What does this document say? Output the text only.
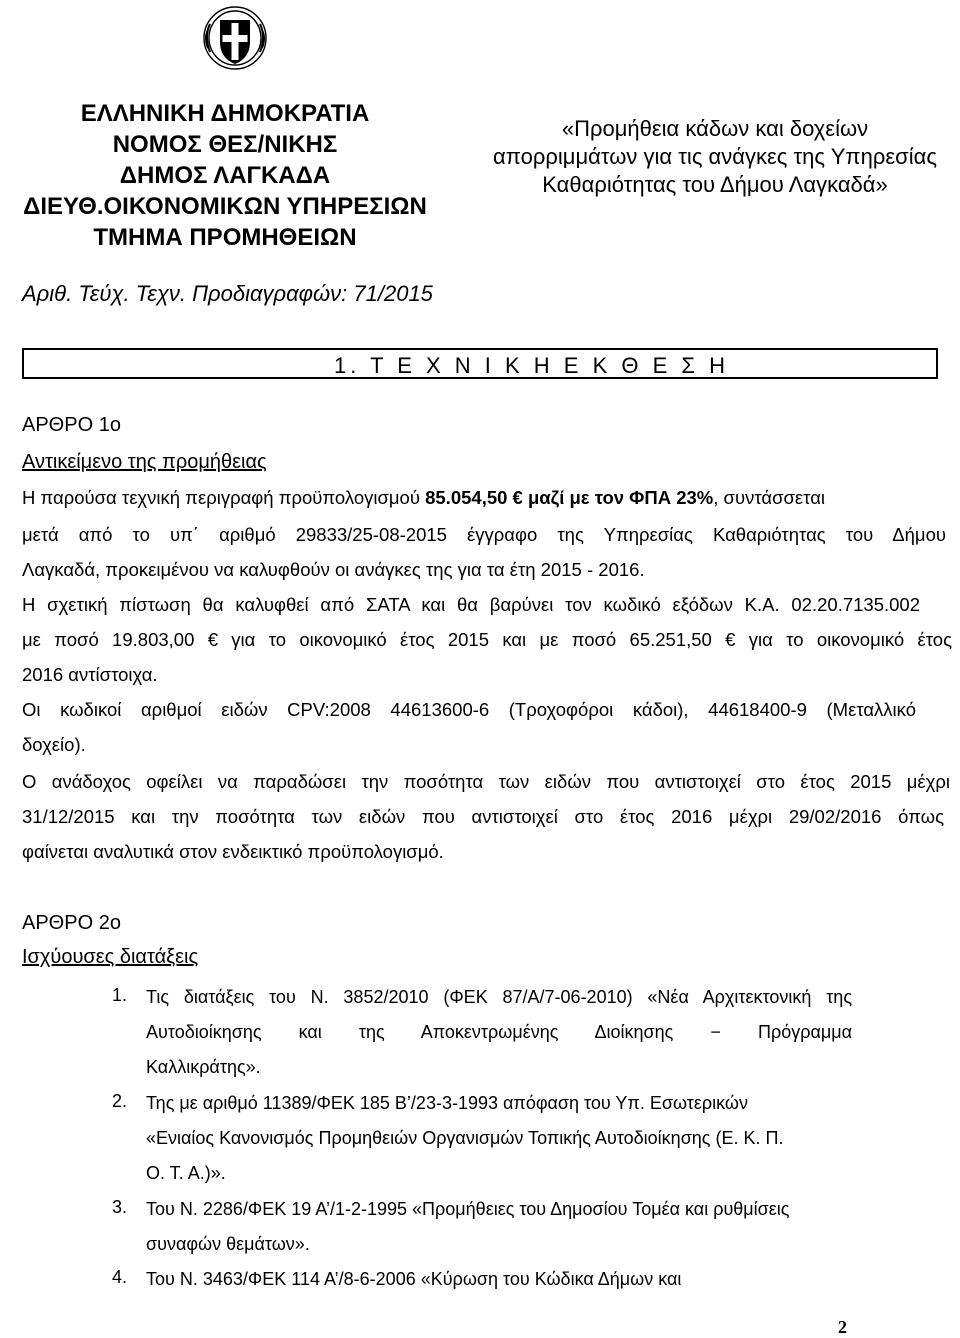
ΕΛΛΗΝΙΚΗ ΔΗΜΟΚΡΑΤΙΑ
ΝΟΜΟΣ ΘΕΣ/ΝΙΚΗΣ
ΔΗΜΟΣ ΛΑΓΚΑΔΑ
ΔΙΕΥΘ.ΟΙΚΟΝΟΜΙΚΩΝ ΥΠΗΡΕΣΙΩΝ
ΤΜΗΜΑ ΠΡΟΜΗΘΕΙΩΝ
«Προμήθεια κάδων και δοχείων
απορριμμάτων για τις ανάγκες της Υπηρεσίας
Καθαριότητας του Δήμου Λαγκαδά»
Αριθ. Τεύχ. Τεχν. Προδιαγραφών: 71/2015
1. Τ Ε Χ Ν Ι Κ Η Ε Κ Θ Ε Σ Η
ΑΡΘΡΟ 1ο
Αντικείμενο της προμήθειας
Η παρούσα τεχνική περιγραφή προϋπολογισμού 85.054,50 € μαζί με τον ΦΠΑ 23%, συντάσσεται
μετά από το υπ΄ αριθμό 29833/25-08-2015 έγγραφο της Υπηρεσίας Καθαριότητας του Δήμου
Λαγκαδά, προκειμένου να καλυφθούν οι ανάγκες της για τα έτη 2015 - 2016.
Η σχετική πίστωση θα καλυφθεί από ΣΑΤΑ και θα βαρύνει τον κωδικό εξόδων Κ.Α. 02.20.7135.002
με ποσό 19.803,00 € για το οικονομικό έτος 2015 και με ποσό 65.251,50 € για το οικονομικό έτος
2016 αντίστοιχα.
Οι κωδικοί αριθμοί ειδών CPV:2008 44613600-6 (Τροχοφόροι κάδοι), 44618400-9 (Μεταλλικό
δοχείο).
Ο ανάδοχος οφείλει να παραδώσει την ποσότητα των ειδών που αντιστοιχεί στο έτος 2015 μέχρι
31/12/2015 και την ποσότητα των ειδών που αντιστοιχεί στο έτος 2016 μέχρι 29/02/2016 όπως
φαίνεται αναλυτικά στον ενδεικτικό προϋπολογισμό.
ΑΡΘΡΟ 2ο
Ισχύουσες διατάξεις
1. Τις διατάξεις του Ν. 3852/2010 (ΦΕΚ 87/Α/7-06-2010) «Νέα Αρχιτεκτονική της
Αυτοδιοίκησης και της Αποκεντρωμένης Διοίκησης − Πρόγραμμα
Καλλικράτης».
2. Της με αριθμό 11389/ΦΕΚ 185 Β’/23-3-1993 απόφαση του Υπ. Εσωτερικών
«Ενιαίος Κανονισμός Προμηθειών Οργανισμών Τοπικής Αυτοδιοίκησης (Ε. Κ. Π.
Ο. Τ. Α.)».
3. Του Ν. 2286/ΦΕΚ 19 Α’/1-2-1995 «Προμήθειες του Δημοσίου Τομέα και ρυθμίσεις
συναφών θεμάτων».
4. Του Ν. 3463/ΦΕΚ 114 Α’/8-6-2006 «Κύρωση του Κώδικα Δήμων και
2
